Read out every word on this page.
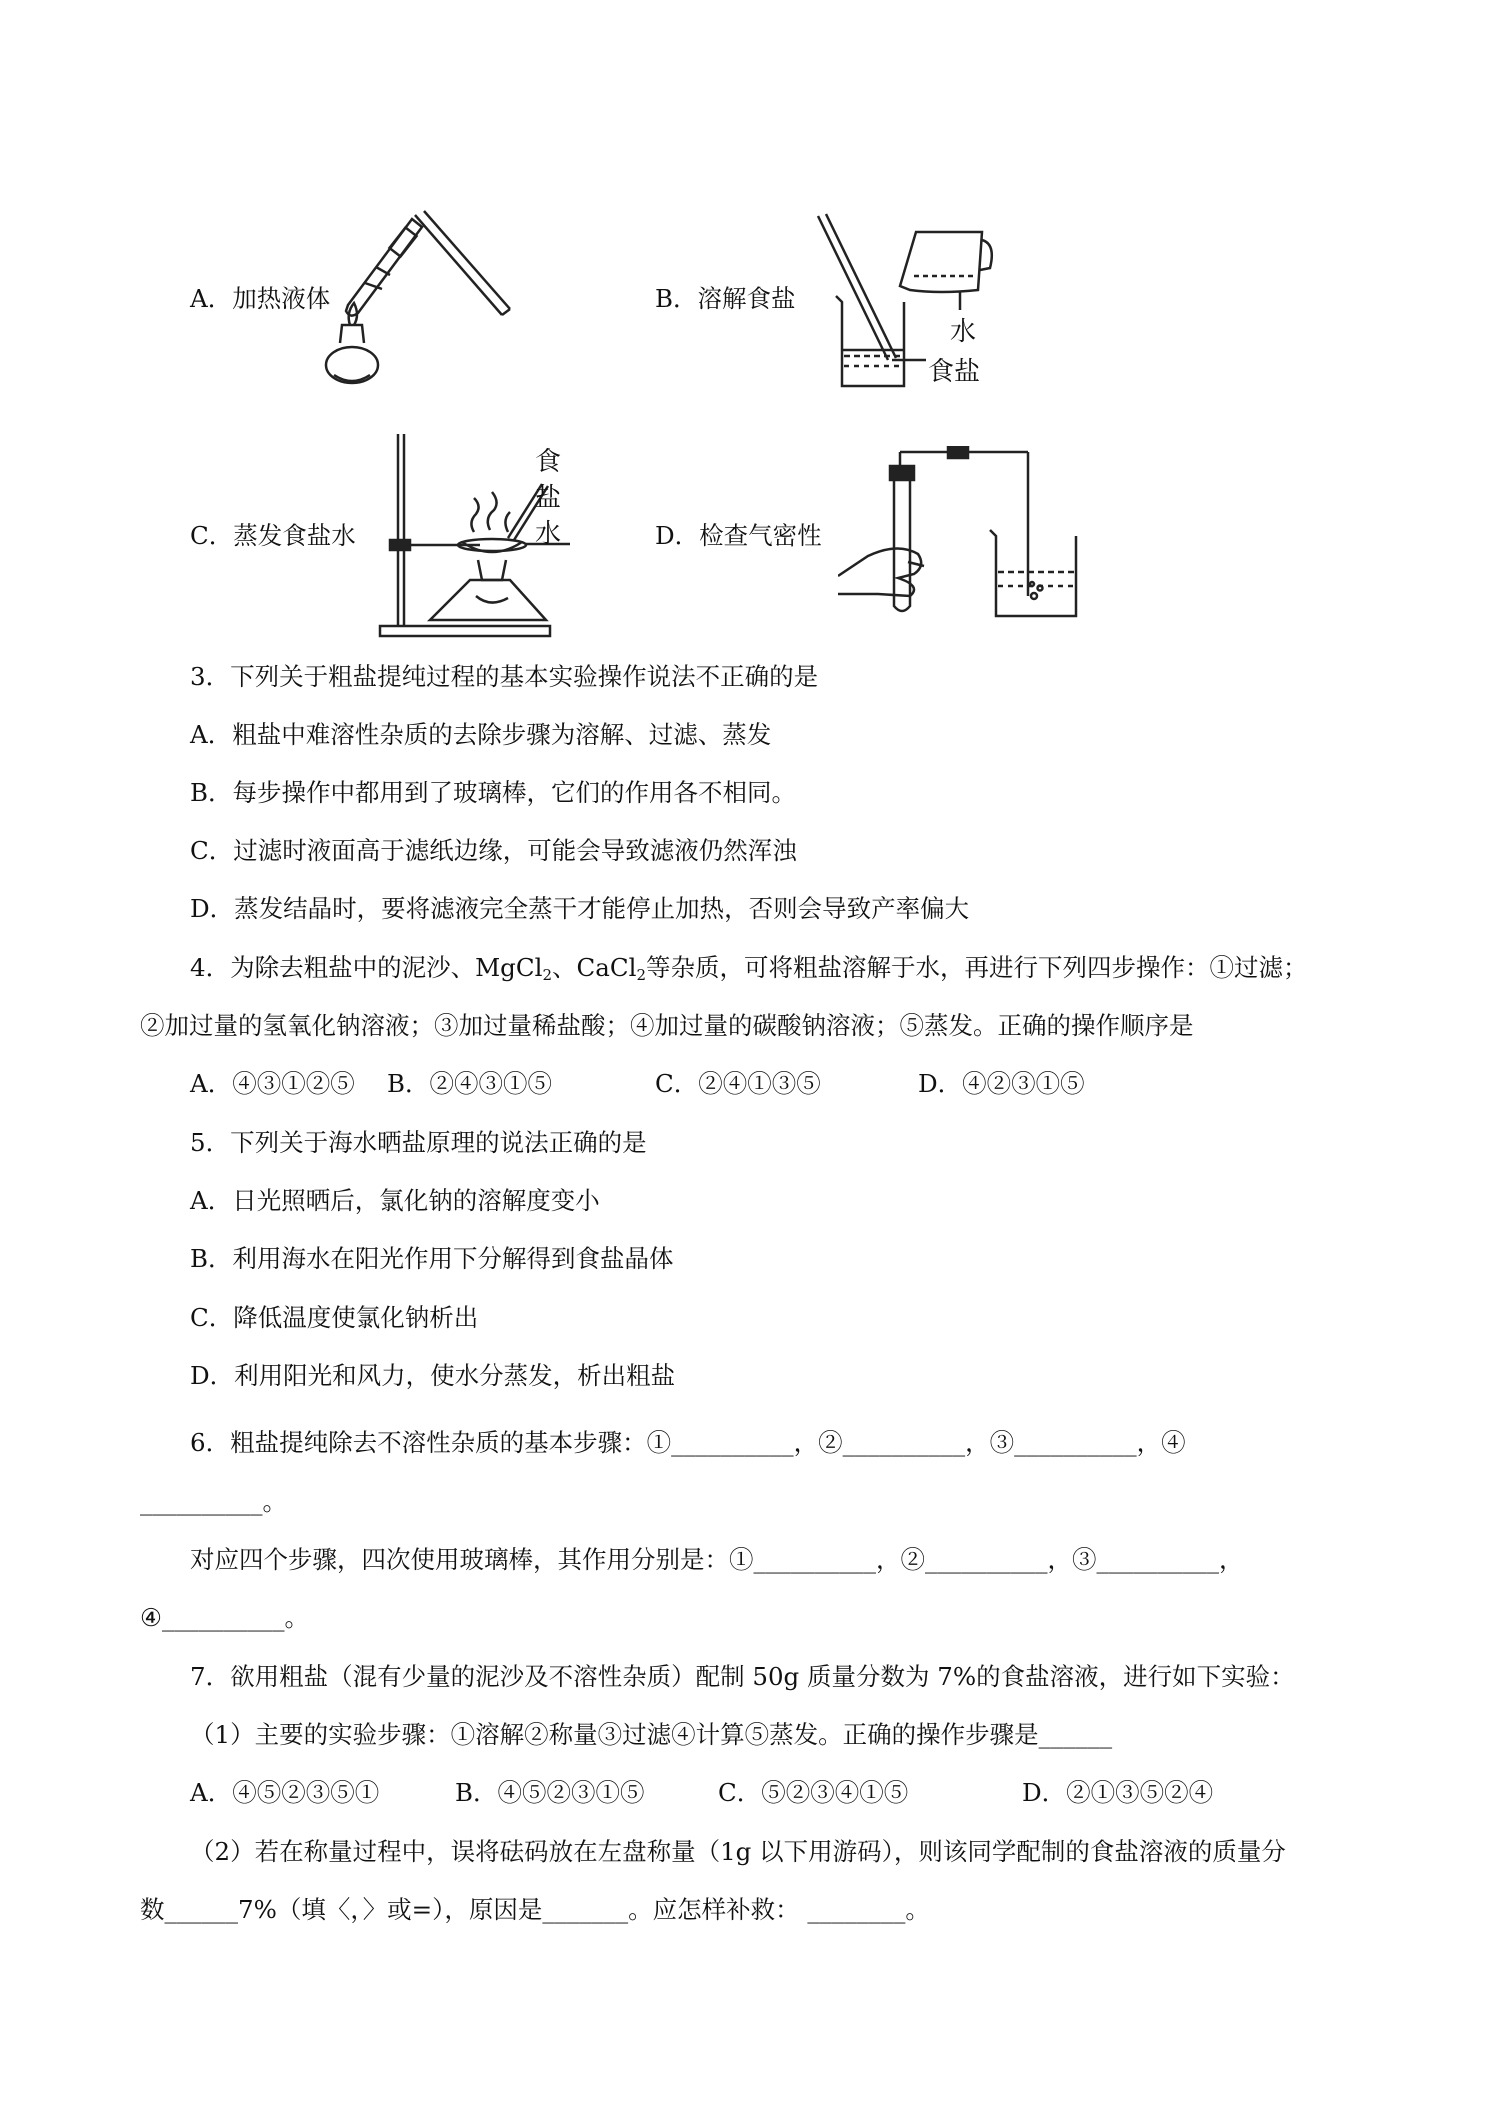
A．加热液体	B．溶解食盐
水
食盐
C．蒸发食盐水
食
盐
水	D．检查气密性
3．下列关于粗盐提纯过程的基本实验操作说法不正确的是
A．粗盐中难溶性杂质的去除步骤为溶解、过滤、蒸发
B．每步操作中都用到了玻璃棒，它们的作用各不相同。
C．过滤时液面高于滤纸边缘，可能会导致滤液仍然浑浊
D．蒸发结晶时，要将滤液完全蒸干才能停止加热，否则会导致产率偏大
4．为除去粗盐中的泥沙、MgCl$_2$、CaCl$_2$等杂质，可将粗盐溶解于水，再进行下列四步操作：①过滤；
②加过量的氢氧化钠溶液；③加过量稀盐酸；④加过量的碳酸钠溶液；⑤蒸发。正确的操作顺序是
A．④③①②⑤ B．②④③①⑤	C．②④①③⑤	D．④②③①⑤
5．下列关于海水晒盐原理的说法正确的是
A．日光照晒后，氯化钠的溶解度变小
B．利用海水在阳光作用下分解得到食盐晶体
C．降低温度使氯化钠析出
D．利用阳光和风力，使水分蒸发，析出粗盐
6．粗盐提纯除去不溶性杂质的基本步骤：①__________，②__________，③__________，④
__________。
对应四个步骤，四次使用玻璃棒，其作用分别是：①__________，②__________，③__________，
④__________。
7．欲用粗盐（混有少量的泥沙及不溶性杂质）配制 50g 质量分数为 7%的食盐溶液，进行如下实验：
（1）主要的实验步骤：①溶解②称量③过滤④计算⑤蒸发。正确的操作步骤是______
A．④⑤②③⑤①	B．④⑤②③①⑤	C．⑤②③④①⑤	D．②①③⑤②④
（2）若在称量过程中，误将砝码放在左盘称量（1g 以下用游码），则该同学配制的食盐溶液的质量分
数______7%（填〈，〉或=），原因是_______。应怎样补救： ________。
